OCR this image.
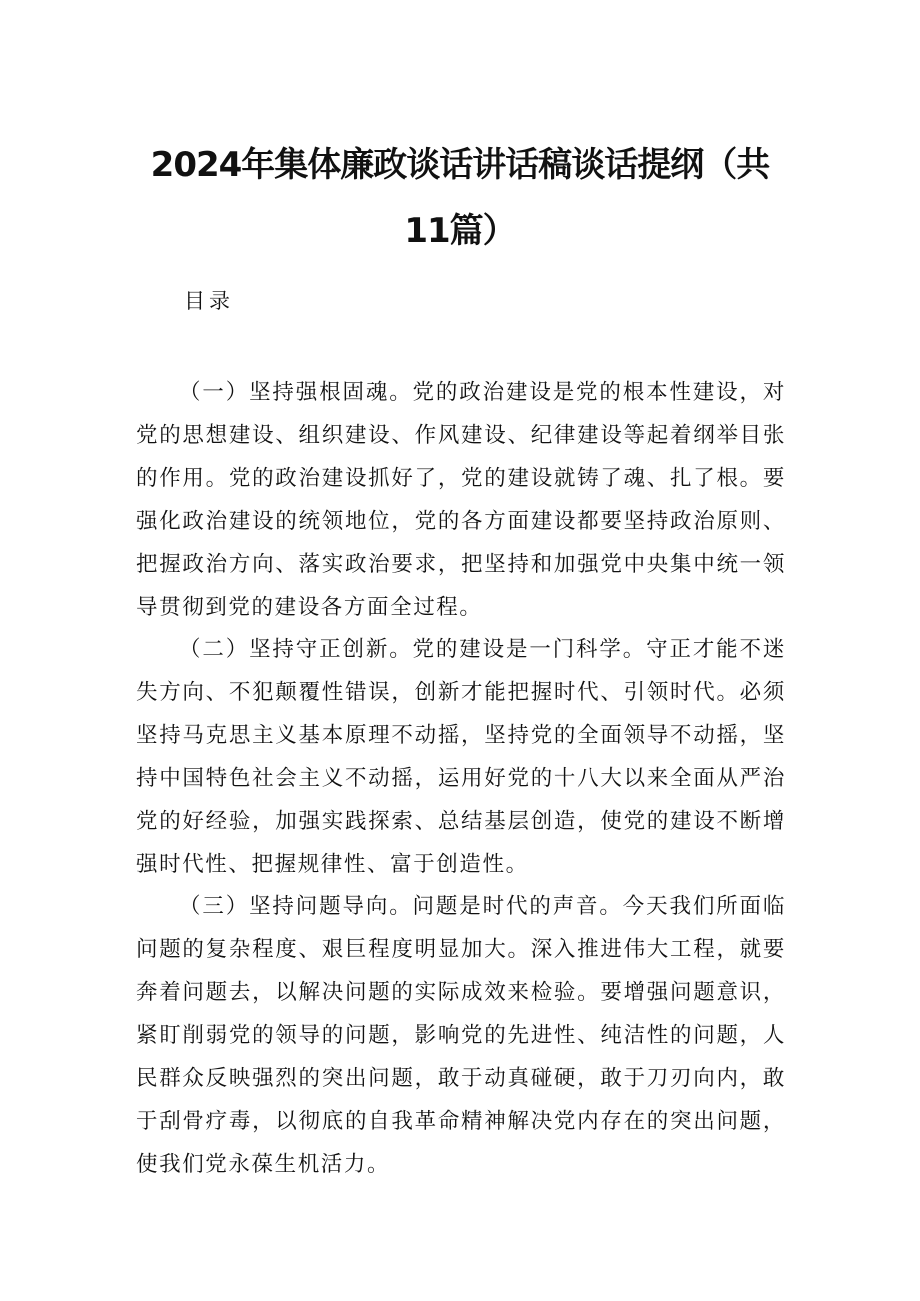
2024年集体廉政谈话讲话稿谈话提纲（共
11篇）

目录

（一）坚持强根固魂。党的政治建设是党的根本性建设，对党的思想建设、组织建设、作风建设、纪律建设等起着纲举目张的作用。党的政治建设抓好了，党的建设就铸了魂、扎了根。要强化政治建设的统领地位，党的各方面建设都要坚持政治原则、把握政治方向、落实政治要求，把坚持和加强党中央集中统一领导贯彻到党的建设各方面全过程。

（二）坚持守正创新。党的建设是一门科学。守正才能不迷失方向、不犯颠覆性错误，创新才能把握时代、引领时代。必须坚持马克思主义基本原理不动摇，坚持党的全面领导不动摇，坚持中国特色社会主义不动摇，运用好党的十八大以来全面从严治党的好经验，加强实践探索、总结基层创造，使党的建设不断增强时代性、把握规律性、富于创造性。

（三）坚持问题导向。问题是时代的声音。今天我们所面临问题的复杂程度、艰巨程度明显加大。深入推进伟大工程，就要奔着问题去，以解决问题的实际成效来检验。要增强问题意识，紧盯削弱党的领导的问题，影响党的先进性、纯洁性的问题，人民群众反映强烈的突出问题，敢于动真碰硬，敢于刀刃向内，敢于刮骨疗毒，以彻底的自我革命精神解决党内存在的突出问题，使我们党永葆生机活力。
